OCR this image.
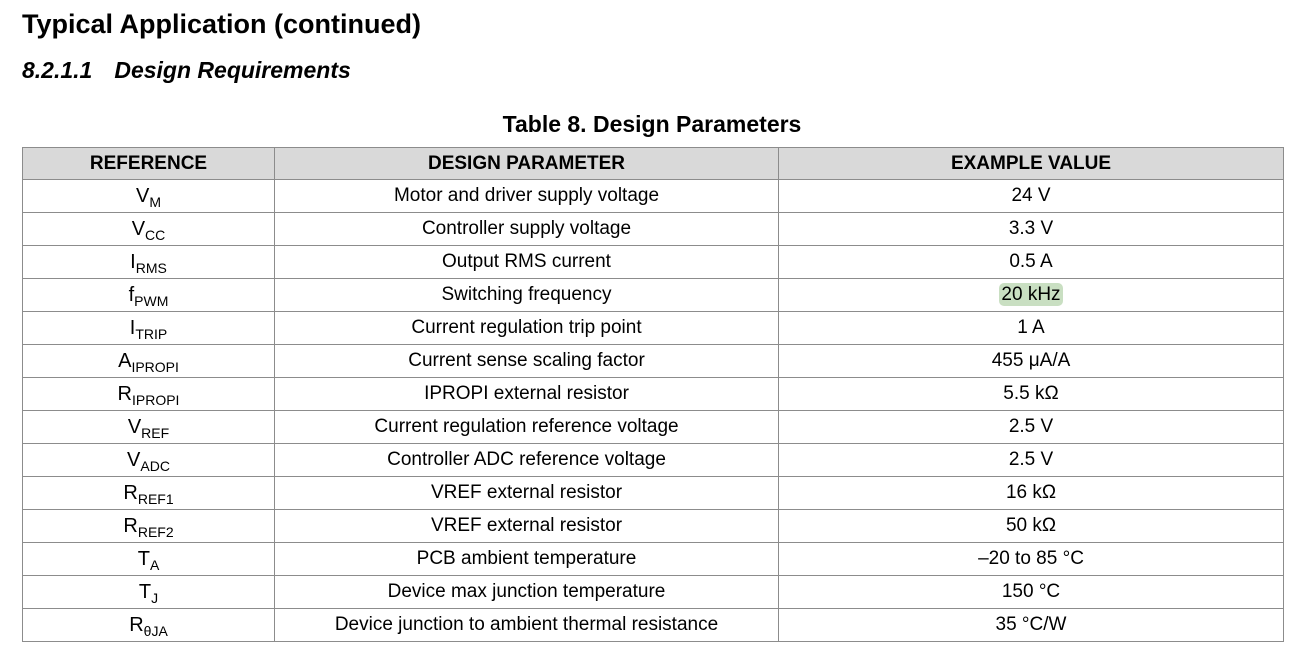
Typical Application (continued)
8.2.1.1 Design Requirements
Table 8. Design Parameters
REFERENCE	DESIGN PARAMETER	EXAMPLE VALUE
$V_M$	Motor and driver supply voltage	24 V
$V_{CC}$	Controller supply voltage	3.3 V
$I_{RMS}$	Output RMS current	0.5 A
$f_{PWM}$	Switching frequency	20 kHz
$I_{TRIP}$	Current regulation trip point	1 A
$A_{IPROPI}$	Current sense scaling factor	455 μA/A
$R_{IPROPI}$	IPROPI external resistor	5.5 kΩ
$V_{REF}$	Current regulation reference voltage	2.5 V
$V_{ADC}$	Controller ADC reference voltage	2.5 V
$R_{REF1}$	VREF external resistor	16 kΩ
$R_{REF2}$	VREF external resistor	50 kΩ
$T_A$	PCB ambient temperature	–20 to 85 °C
$T_J$	Device max junction temperature	150 °C
$R_{\theta JA}$	Device junction to ambient thermal resistance	35 °C/W
